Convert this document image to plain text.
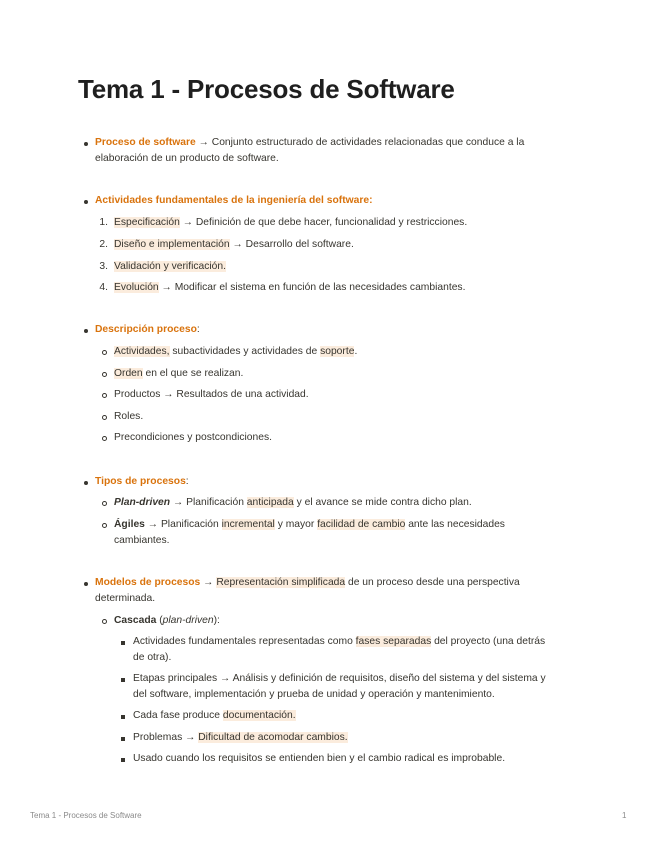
Tema 1 - Procesos de Software
Proceso de software → Conjunto estructurado de actividades relacionadas que conduce a la
elaboración de un producto de software.
Actividades fundamentales de la ingeniería del software:
1. Especificación → Definición de que debe hacer, funcionalidad y restricciones.
2. Diseño e implementación → Desarrollo del software.
3. Validación y verificación.
4. Evolución → Modificar el sistema en función de las necesidades cambiantes.
Descripción proceso:
Actividades, subactividades y actividades de soporte.
Orden en el que se realizan.
Productos → Resultados de una actividad.
Roles.
Precondiciones y postcondiciones.
Tipos de procesos:
Plan-driven → Planificación anticipada y el avance se mide contra dicho plan.
Ágiles → Planificación incremental y mayor facilidad de cambio ante las necesidades
cambiantes.
Modelos de procesos → Representación simplificada de un proceso desde una perspectiva
determinada.
Cascada (plan-driven):
Actividades fundamentales representadas como fases separadas del proyecto (una detrás
de otra).
Etapas principales → Análisis y definición de requisitos, diseño del sistema y del sistema y
del software, implementación y prueba de unidad y operación y mantenimiento.
Cada fase produce documentación.
Problemas → Dificultad de acomodar cambios.
Usado cuando los requisitos se entienden bien y el cambio radical es improbable.
Tema 1 - Procesos de Software	1
